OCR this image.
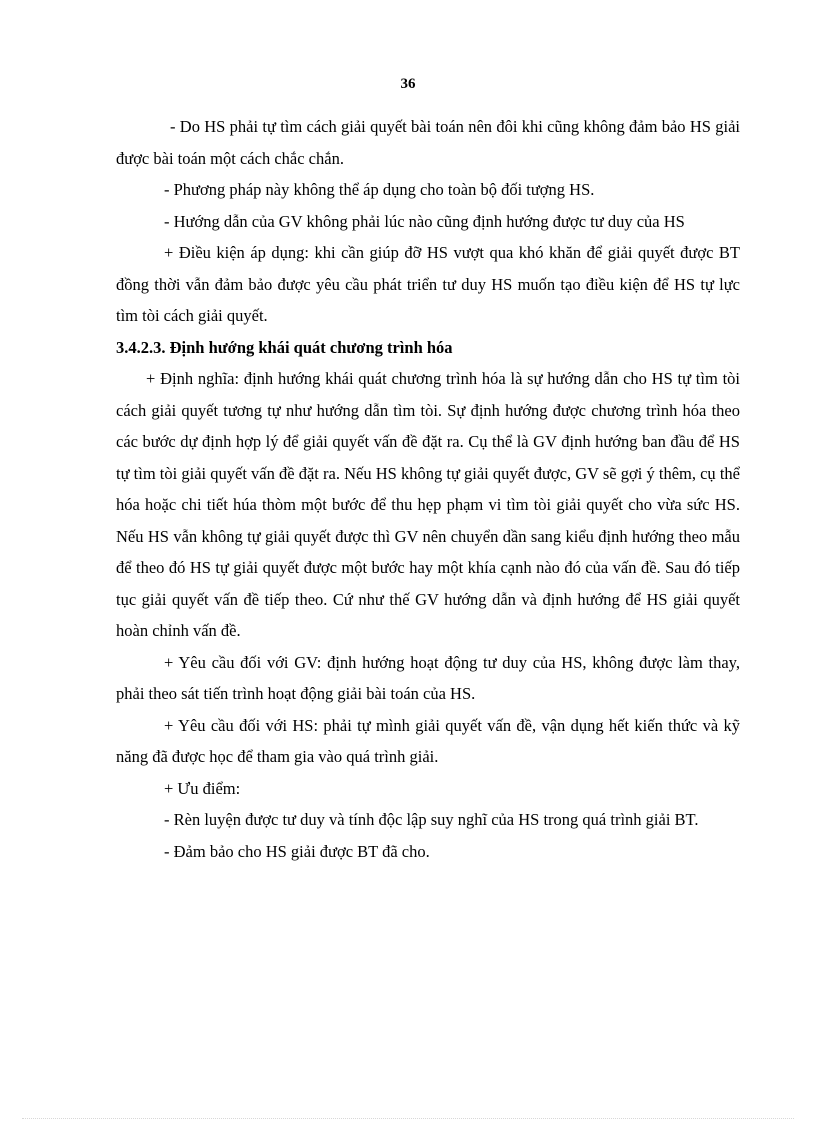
36

- Do HS phải tự tìm cách giải quyết bài toán nên đôi khi cũng không đảm bảo HS giải được bài toán một cách chắc chắn.

- Phương pháp này không thể áp dụng cho toàn bộ đối tượng HS.

- Hướng dẫn của GV không phải lúc nào cũng định hướng được tư duy của HS

+ Điều kiện áp dụng: khi cần giúp đỡ HS vượt qua khó khăn để giải quyết được BT đồng thời vẫn đảm bảo được yêu cầu phát triển tư duy HS muốn tạo điều kiện để HS tự lực tìm tòi cách giải quyết.

3.4.2.3. Định hướng khái quát chương trình hóa

+ Định nghĩa: định hướng khái quát chương trình hóa là sự hướng dẫn cho HS tự tìm tòi cách giải quyết tương tự như hướng dẫn tìm tòi. Sự định hướng được chương trình hóa theo các bước dự định hợp lý để giải quyết vấn đề đặt ra. Cụ thể là GV định hướng ban đầu để HS tự tìm tòi giải quyết vấn đề đặt ra. Nếu HS không tự giải quyết được, GV sẽ gợi ý thêm, cụ thể hóa hoặc chi tiết húa thòm một bước để thu hẹp phạm vi tìm tòi giải quyết cho vừa sức HS. Nếu HS vẫn không tự giải quyết được thì GV nên chuyển dần sang kiểu định hướng theo mẫu để theo đó HS tự giải quyết được một bước hay một khía cạnh nào đó của vấn đề. Sau đó tiếp tục giải quyết vấn đề tiếp theo. Cứ như thế GV hướng dẫn và định hướng để HS giải quyết hoàn chỉnh vấn đề.

+ Yêu cầu đối với GV: định hướng hoạt động tư duy của HS, không được làm thay, phải theo sát tiến trình hoạt động giải bài toán của HS.

+ Yêu cầu đối với HS: phải tự mình giải quyết vấn đề, vận dụng hết kiến thức và kỹ năng đã được học để tham gia vào quá trình giải.

+ Ưu điểm:

- Rèn luyện được tư duy và tính độc lập suy nghĩ của HS trong quá trình giải BT.

- Đảm bảo cho HS giải được BT đã cho.
